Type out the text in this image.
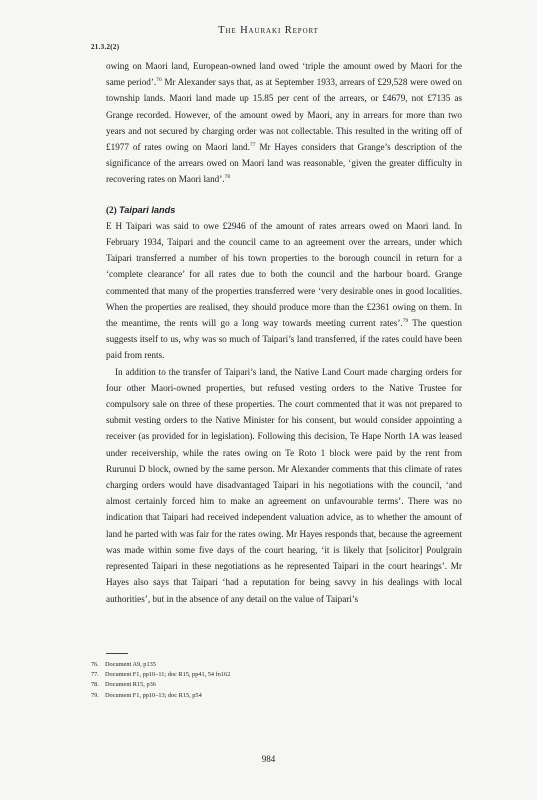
The Hauraki Report
21.3.2(2)

owing on Maori land, European-owned land owed ‘triple the amount owed by Maori for the same period’.$^{76}$ Mr Alexander says that, as at September 1933, arrears of £29,528 were owed on township lands. Maori land made up 15.85 per cent of the arrears, or £4679, not £7135 as Grange recorded. However, of the amount owed by Maori, any in arrears for more than two years and not secured by charging order was not collectable. This resulted in the writing off of £1977 of rates owing on Maori land.$^{77}$ Mr Hayes considers that Grange’s description of the significance of the arrears owed on Maori land was reasonable, ‘given the greater difficulty in recovering rates on Maori land’.$^{78}$

(2) Taipari lands

E H Taipari was said to owe £2946 of the amount of rates arrears owed on Maori land. In February 1934, Taipari and the council came to an agreement over the arrears, under which Taipari transferred a number of his town properties to the borough council in return for a ‘complete clearance’ for all rates due to both the council and the harbour board. Grange commented that many of the properties transferred were ‘very desirable ones in good localities. When the properties are realised, they should produce more than the £2361 owing on them. In the meantime, the rents will go a long way towards meeting current rates’.$^{79}$ The question suggests itself to us, why was so much of Taipari’s land transferred, if the rates could have been paid from rents.

In addition to the transfer of Taipari’s land, the Native Land Court made charging orders for four other Maori-owned properties, but refused vesting orders to the Native Trustee for compulsory sale on three of these properties. The court commented that it was not prepared to submit vesting orders to the Native Minister for his consent, but would consider appointing a receiver (as provided for in legislation). Following this decision, Te Hape North 1A was leased under receivership, while the rates owing on Te Roto 1 block were paid by the rent from Rurunui D block, owned by the same person. Mr Alexander comments that this climate of rates charging orders would have disadvantaged Taipari in his negotiations with the council, ‘and almost certainly forced him to make an agreement on unfavourable terms’. There was no indication that Taipari had received independent valuation advice, as to whether the amount of land he parted with was fair for the rates owing. Mr Hayes responds that, because the agreement was made within some five days of the court hearing, ‘it is likely that [solicitor] Poulgrain represented Taipari in these negotiations as he represented Taipari in the court hearings’. Mr Hayes also says that Taipari ‘had a reputation for being savvy in his dealings with local authorities’, but in the absence of any detail on the value of Taipari’s

76. Document A9, p135
77. Document F1, pp10–11; doc R15, pp41, 54 fn162
78. Document R15, p36
79. Document F1, pp10–13; doc R15, p54
984
